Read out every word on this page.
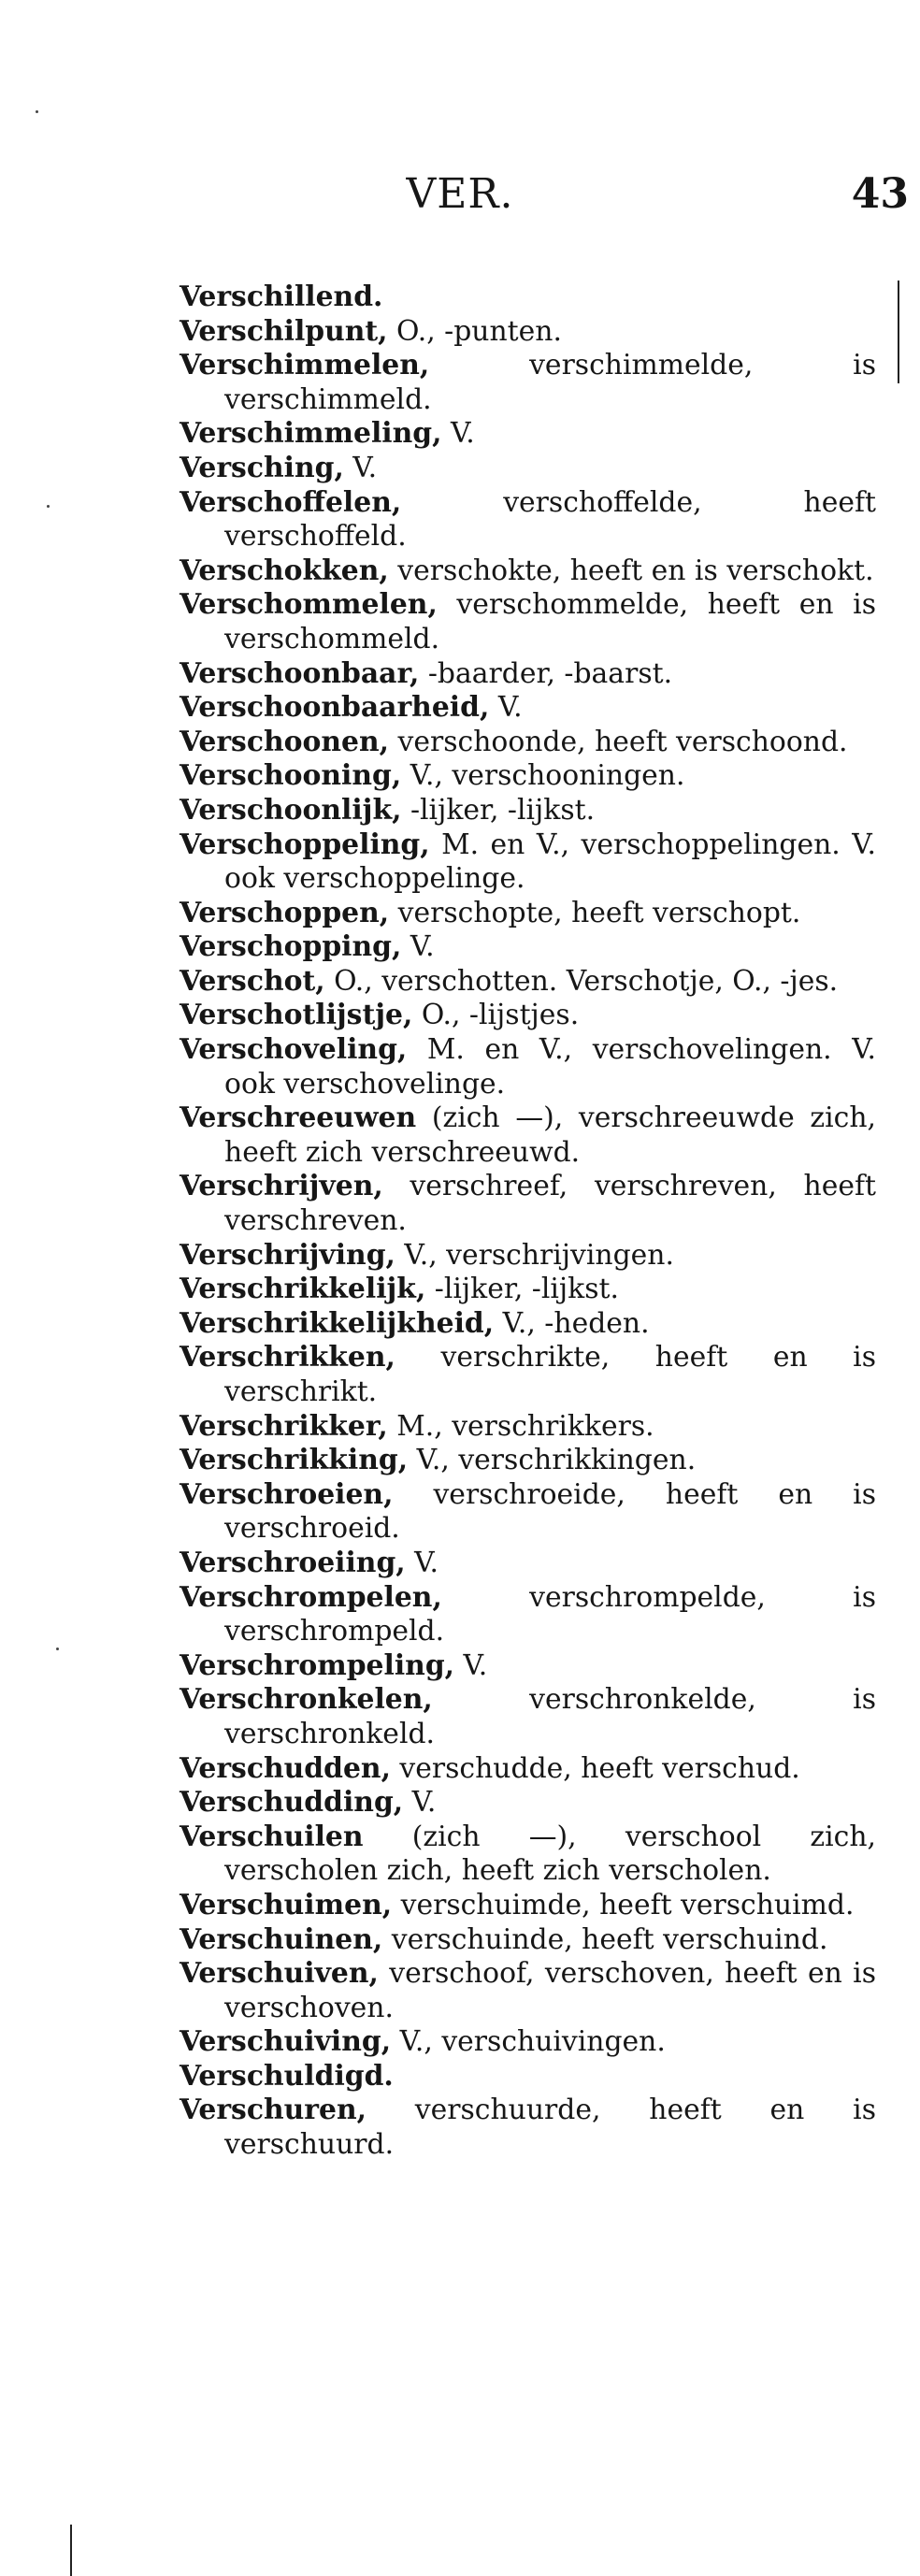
VER.	43

Verschillend.

Verschilpunt, O., -punten.

Verschimmelen, verschimmelde, is verschimmeld.

Verschimmeling, V.

Versching, V.

Verschoffelen, verschoffelde, heeft verschoffeld.

Verschokken, verschokte, heeft en is verschokt.

Verschommelen, verschommelde, heeft en is verschommeld.

Verschoonbaar, -baarder, -baarst.

Verschoonbaarheid, V.

Verschoonen, verschoonde, heeft verschoond.

Verschooning, V., verschooningen.

Verschoonlijk, -lijker, -lijkst.

Verschoppeling, M. en V., verschoppelingen. V. ook verschoppelinge.

Verschoppen, verschopte, heeft verschopt.

Verschopping, V.

Verschot, O., verschotten. Verschotje, O., -jes.

Verschotlijstje, O., -lijstjes.

Verschoveling, M. en V., verschovelingen. V. ook verschovelinge.

Verschreeuwen (zich —), verschreeuwde zich, heeft zich verschreeuwd.

Verschrijven, verschreef, verschreven, heeft verschreven.

Verschrijving, V., verschrijvingen.

Verschrikkelijk, -lijker, -lijkst.

Verschrikkelijkheid, V., -heden.

Verschrikken, verschrikte, heeft en is verschrikt.

Verschrikker, M., verschrikkers.

Verschrikking, V., verschrikkingen.

Verschroeien, verschroeide, heeft en is verschroeid.

Verschroeiing, V.

Verschrompelen, verschrompelde, is verschrompeld.

Verschrompeling, V.

Verschronkelen, verschronkelde, is verschronkeld.

Verschudden, verschudde, heeft verschud.

Verschudding, V.

Verschuilen (zich —), verschool zich, verscholen zich, heeft zich verscholen.

Verschuimen, verschuimde, heeft verschuimd.

Verschuinen, verschuinde, heeft verschuind.

Verschuiven, verschoof, verschoven, heeft en is verschoven.

Verschuiving, V., verschuivingen.

Verschuldigd.

Verschuren, verschuurde, heeft en is verschuurd.
